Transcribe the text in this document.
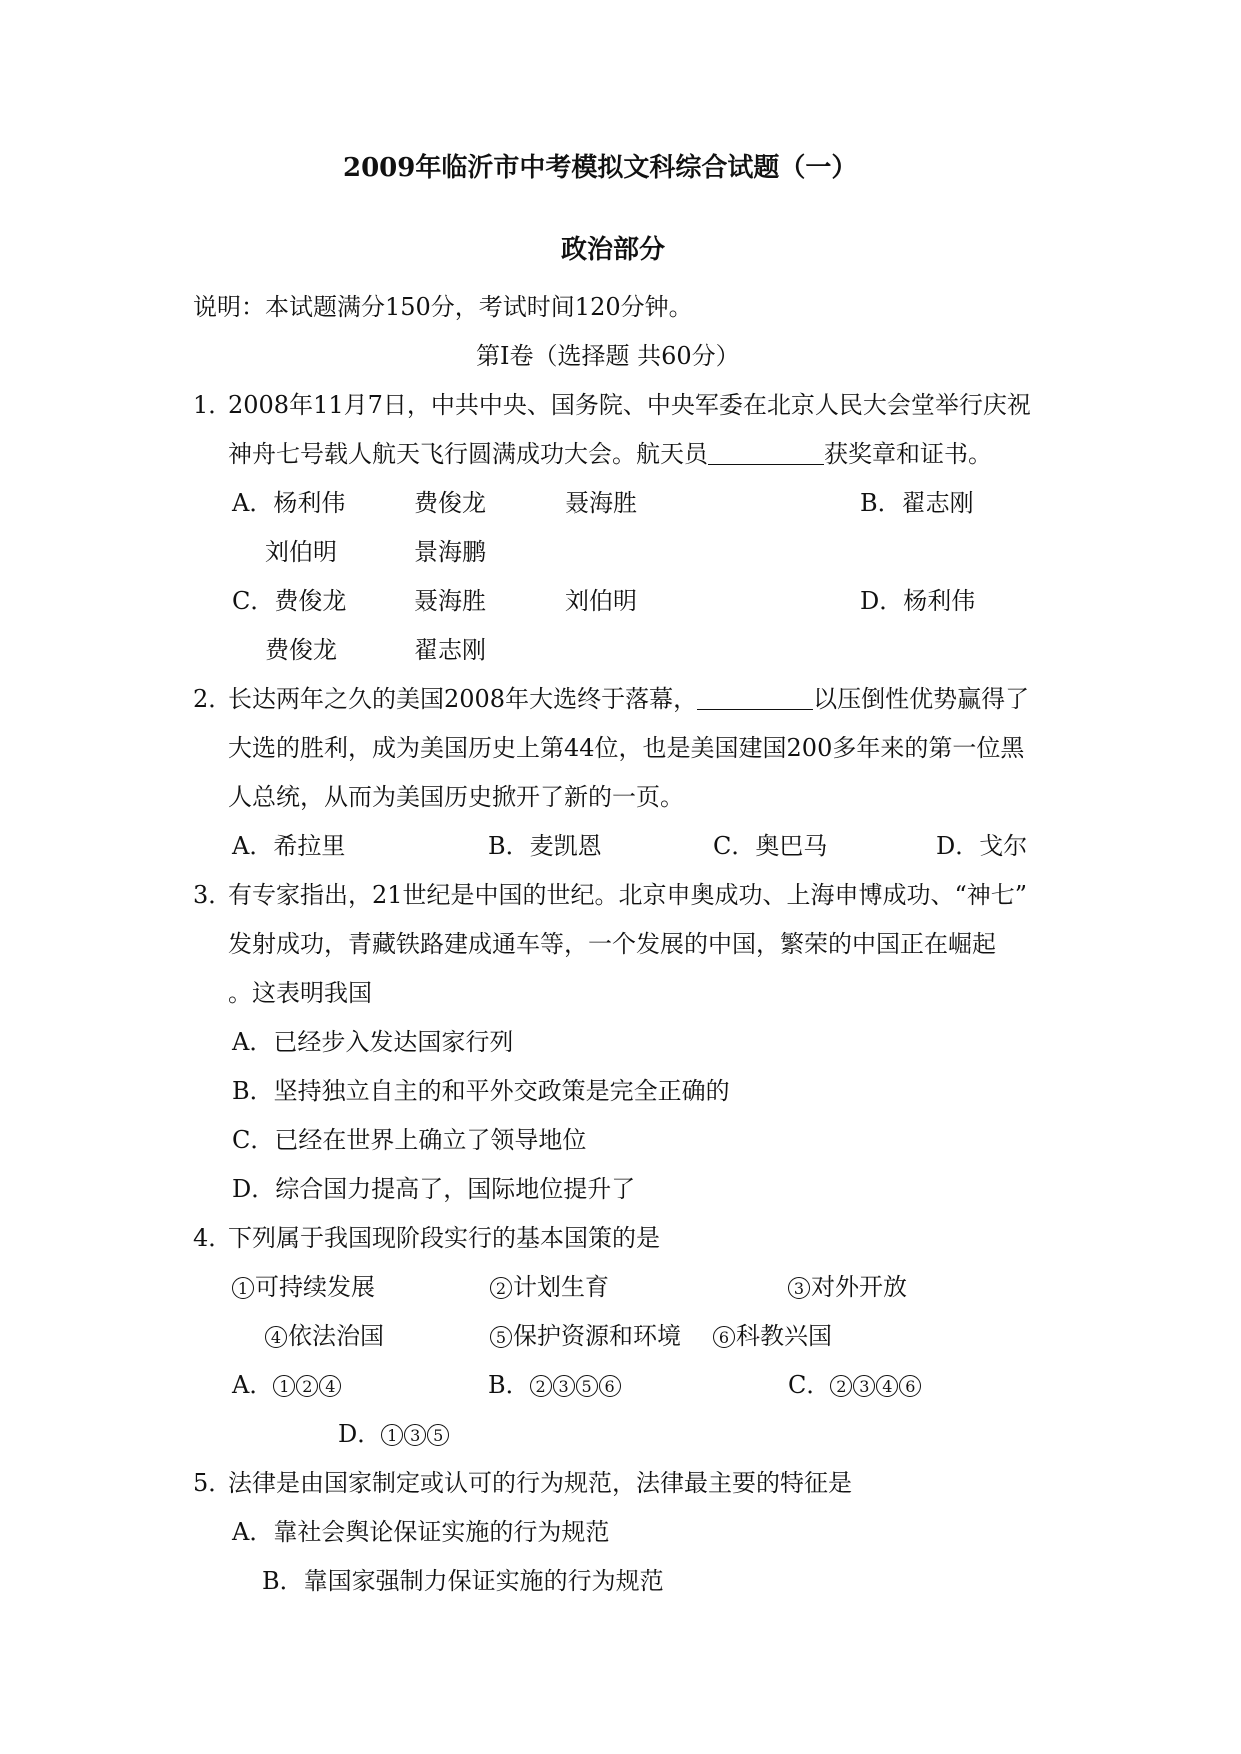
2009年临沂市中考模拟文科综合试题（一）
政治部分
说明：本试题满分150分，考试时间120分钟。
第Ⅰ卷（选择题 共60分）
1．
2008年11月7日，中共中央、国务院、中央军委在北京人民大会堂举行庆祝
神舟七号载人航天飞行圆满成功大会。航天员	获奖章和证书。
A．杨利伟	费俊龙	聂海胜	B．翟志刚
刘伯明	景海鹏
C．费俊龙	聂海胜	刘伯明	D．杨利伟
费俊龙	翟志刚
2．
长达两年之久的美国2008年大选终于落幕，	以压倒性优势赢得了
大选的胜利，成为美国历史上第44位，也是美国建国200多年来的第一位黑
人总统，从而为美国历史掀开了新的一页。
A．希拉里	B．麦凯恩	C．奥巴马	D．戈尔
3．
有专家指出，21世纪是中国的世纪。北京申奥成功、上海申博成功、“神七”
发射成功，青藏铁路建成通车等，一个发展的中国，繁荣的中国正在崛起
。这表明我国
A．已经步入发达国家行列
B．坚持独立自主的和平外交政策是完全正确的
C．已经在世界上确立了领导地位
D．综合国力提高了，国际地位提升了
4．
下列属于我国现阶段实行的基本国策的是
1 可持续发展	2 计划生育	3 对外开放
4 依法治国	5 保护资源和环境	6 科教兴国
A． 1 2 4	B． 2 3 5 6	C． 2 3 4 6
D． 1 3 5
5．
法律是由国家制定或认可的行为规范，法律最主要的特征是
A．靠社会舆论保证实施的行为规范
B．靠国家强制力保证实施的行为规范
